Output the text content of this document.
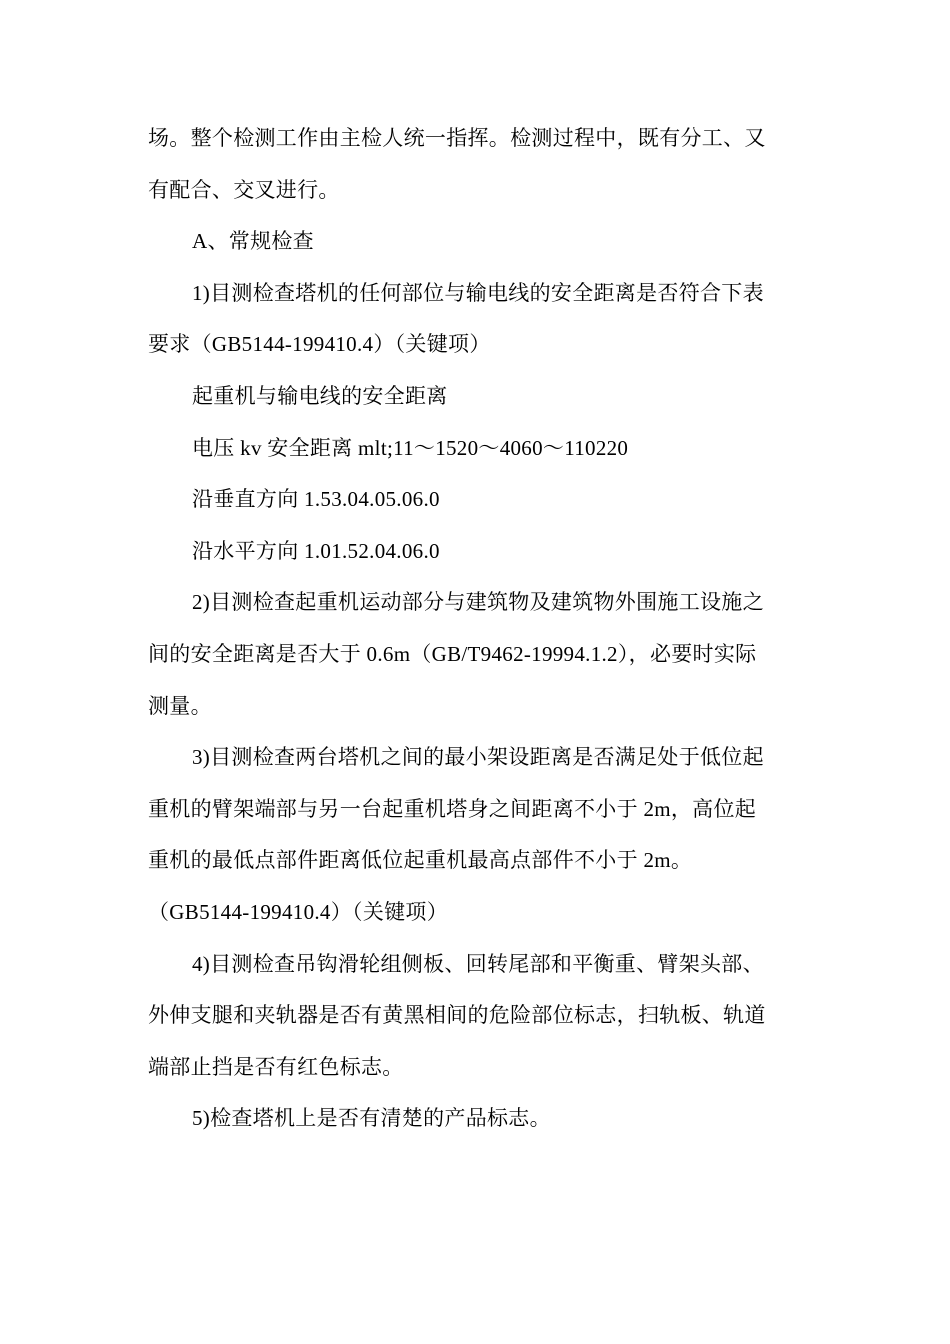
场。整个检测工作由主检人统一指挥。检测过程中，既有分工、又
有配合、交叉进行。

A、常规检查

1)目测检查塔机的任何部位与输电线的安全距离是否符合下表
要求（GB5144-199410.4）（关键项）

起重机与输电线的安全距离

电压 kv 安全距离 mlt;11～1520～4060～110220

沿垂直方向 1.53.04.05.06.0

沿水平方向 1.01.52.04.06.0

2)目测检查起重机运动部分与建筑物及建筑物外围施工设施之
间的安全距离是否大于 0.6m（GB/T9462-19994.1.2），必要时实际
测量。

3)目测检查两台塔机之间的最小架设距离是否满足处于低位起
重机的臂架端部与另一台起重机塔身之间距离不小于 2m，高位起
重机的最低点部件距离低位起重机最高点部件不小于 2m。
（GB5144-199410.4）（关键项）

4)目测检查吊钩滑轮组侧板、回转尾部和平衡重、臂架头部、
外伸支腿和夹轨器是否有黄黑相间的危险部位标志，扫轨板、轨道
端部止挡是否有红色标志。

5)检查塔机上是否有清楚的产品标志。
